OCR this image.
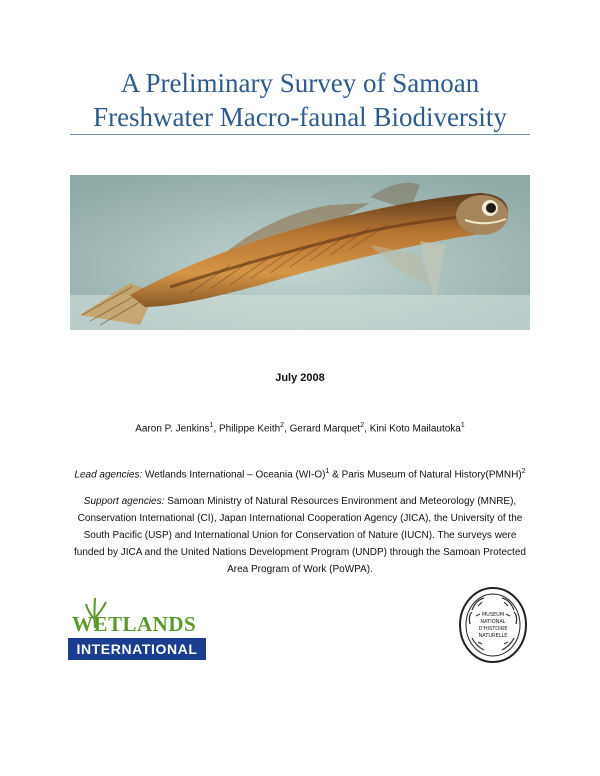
A Preliminary Survey of Samoan
Freshwater Macro-faunal Biodiversity
July 2008
Aaron P. Jenkins$^1$, Philippe Keith$^2$, Gerard Marquet$^2$, Kini Koto Mailautoka$^1$
Lead agencies: Wetlands International – Oceania $(WI-O)^1$ & Paris Museum of Natural History(PMNH)$^2$
Support agencies: Samoan Ministry of Natural Resources Environment and Meteorology (MNRE), Conservation International (CI), Japan International Cooperation Agency (JICA), the University of the South Pacific (USP) and International Union for Conservation of Nature (IUCN). The surveys were funded by JICA and the United Nations Development Program (UNDP) through the Samoan Protected Area Program of Work (PoWPA).
WETLANDS
INTERNATIONAL
MUSEUM
NATIONAL
D'HISTOIRE
NATURELLE
